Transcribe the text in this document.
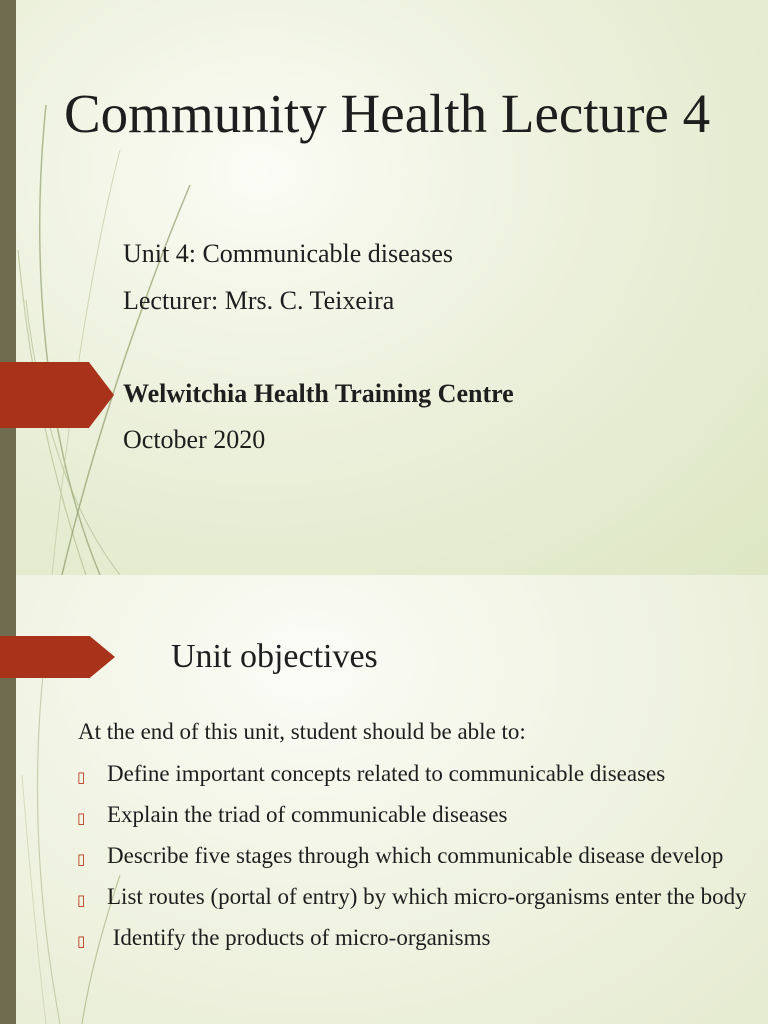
Community Health Lecture 4

Unit 4: Communicable diseases

Lecturer: Mrs. C. Teixeira

Welwitchia Health Training Centre

October 2020

Unit objectives

At the end of this unit, student should be able to:

▯ Define important concepts related to communicable diseases
▯ Explain the triad of communicable diseases
▯ Describe five stages through which communicable disease develop
▯ List routes (portal of entry) by which micro-organisms enter the body
▯ Identify the products of micro-organisms
